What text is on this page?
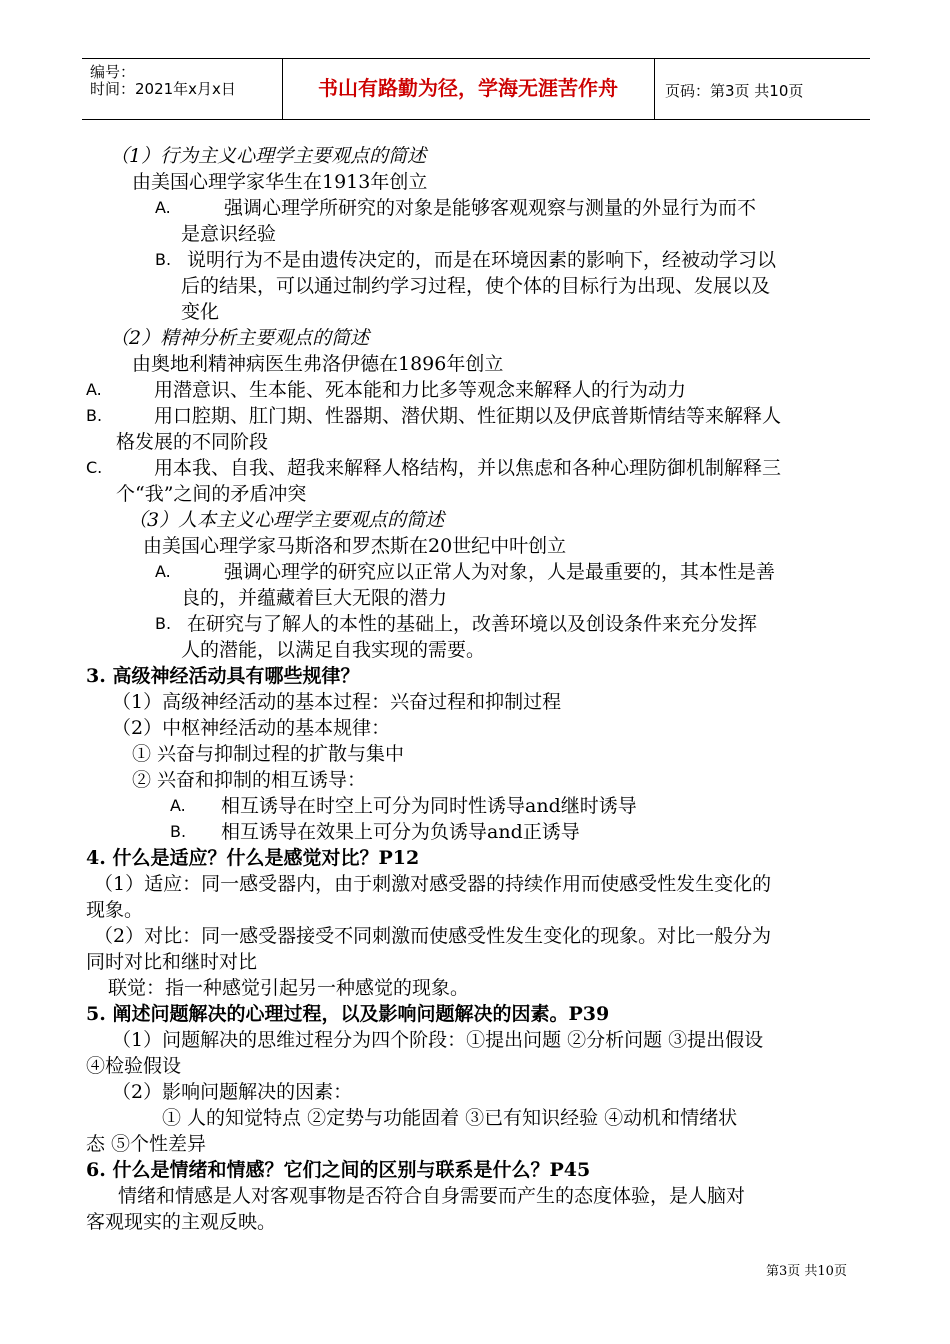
编号：
时间：2021年x月x日	书山有路勤为径，学海无涯苦作舟	页码：第3页 共10页
（1）行为主义心理学主要观点的简述
由美国心理学家华生在1913年创立
A.	强调心理学所研究的对象是能够客观观察与测量的外显行为而不
是意识经验
B. 说明行为不是由遗传决定的，而是在环境因素的影响下，经被动学习以
后的结果，可以通过制约学习过程，使个体的目标行为出现、发展以及
变化
（2）精神分析主要观点的简述
由奥地利精神病医生弗洛伊德在1896年创立
A.	用潜意识、生本能、死本能和力比多等观念来解释人的行为动力
B.	用口腔期、肛门期、性器期、潜伏期、性征期以及伊底普斯情结等来解释人
格发展的不同阶段
C.	用本我、自我、超我来解释人格结构，并以焦虑和各种心理防御机制解释三
个“我”之间的矛盾冲突
（3）人本主义心理学主要观点的简述
由美国心理学家马斯洛和罗杰斯在20世纪中叶创立
A.	强调心理学的研究应以正常人为对象，人是最重要的，其本性是善
良的，并蕴藏着巨大无限的潜力
B. 在研究与了解人的本性的基础上，改善环境以及创设条件来充分发挥
人的潜能，以满足自我实现的需要。
3. 高级神经活动具有哪些规律？
（1）高级神经活动的基本过程：兴奋过程和抑制过程
（2）中枢神经活动的基本规律：
① 兴奋与抑制过程的扩散与集中
② 兴奋和抑制的相互诱导：
A. 相互诱导在时空上可分为同时性诱导and继时诱导
B. 相互诱导在效果上可分为负诱导and正诱导
4. 什么是适应？什么是感觉对比？P12
（1）适应：同一感受器内，由于刺激对感受器的持续作用而使感受性发生变化的
现象。
（2）对比：同一感受器接受不同刺激而使感受性发生变化的现象。对比一般分为
同时对比和继时对比
联觉：指一种感觉引起另一种感觉的现象。
5. 阐述问题解决的心理过程，以及影响问题解决的因素。P39
（1）问题解决的思维过程分为四个阶段：①提出问题 ②分析问题 ③提出假设
④检验假设
（2）影响问题解决的因素：
① 人的知觉特点 ②定势与功能固着 ③已有知识经验 ④动机和情绪状
态 ⑤个性差异
6. 什么是情绪和情感？它们之间的区别与联系是什么？P45
情绪和情感是人对客观事物是否符合自身需要而产生的态度体验，是人脑对
客观现实的主观反映。
第3页 共10页
